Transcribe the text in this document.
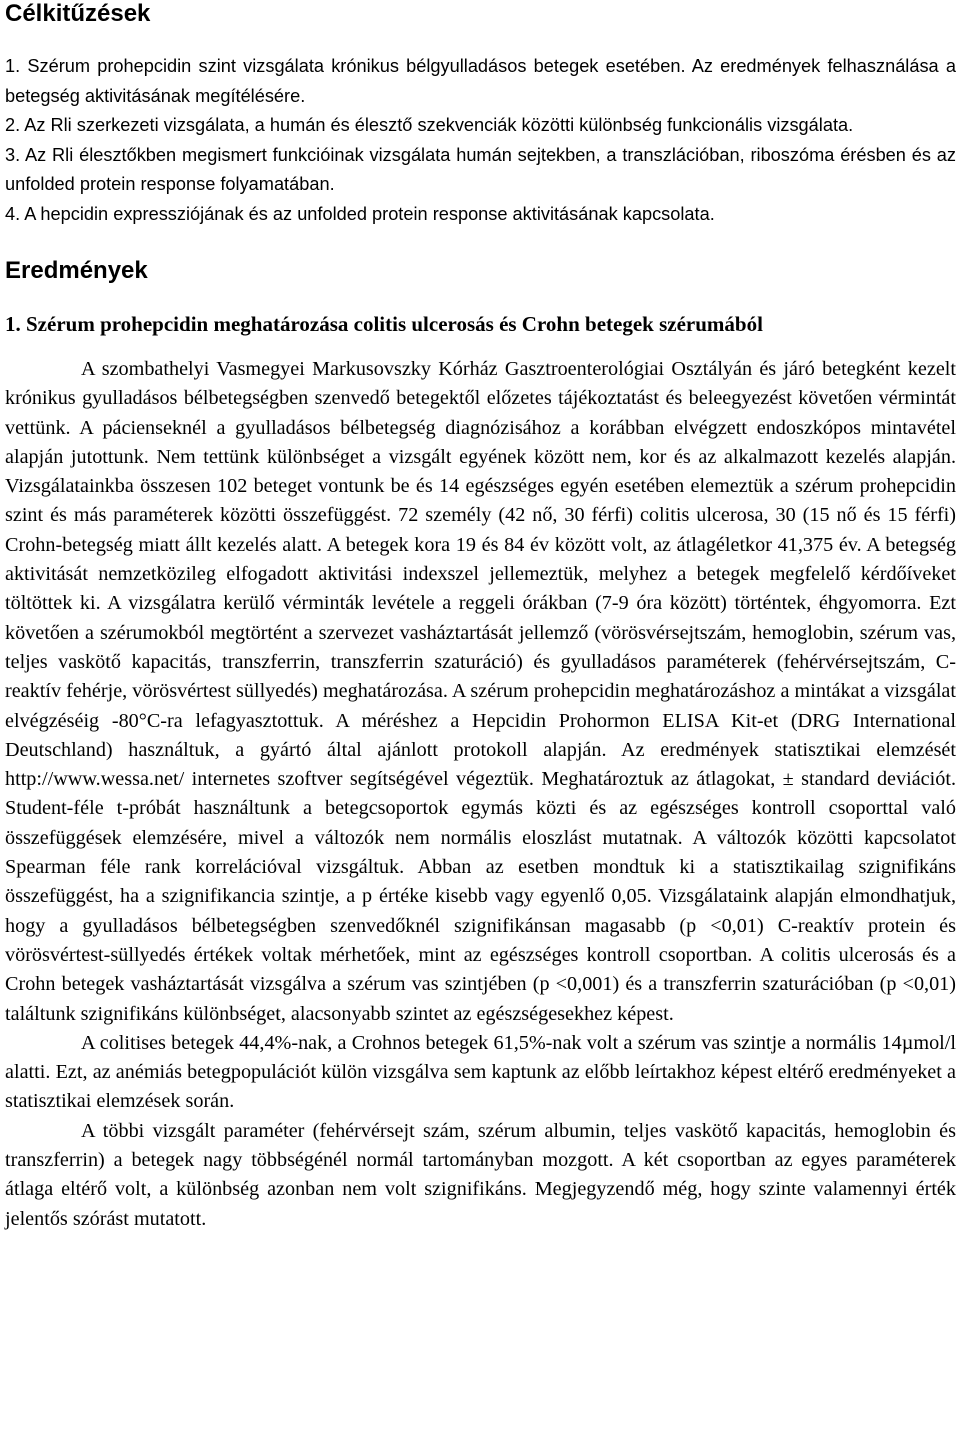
Célkitűzések
1. Szérum prohepcidin szint vizsgálata krónikus bélgyulladásos betegek esetében. Az eredmények felhasználása a betegség aktivitásának megítélésére.
2. Az Rli szerkezeti vizsgálata, a humán és élesztő szekvenciák közötti különbség funkcionális vizsgálata.
3. Az Rli élesztőkben megismert funkcióinak vizsgálata humán sejtekben, a transzlációban, riboszóma érésben és az unfolded protein response folyamatában.
4. A hepcidin expressziójának és az unfolded protein response aktivitásának kapcsolata.
Eredmények
1. Szérum prohepcidin meghatározása colitis ulcerosás és Crohn betegek szérumából

A szombathelyi Vasmegyei Markusovszky Kórház Gasztroenterológiai Osztályán és járó betegként kezelt krónikus gyulladásos bélbetegségben szenvedő betegektől előzetes tájékoztatást és beleegyezést követően vérmintát vettünk. A pácienseknél a gyulladásos bélbetegség diagnózisához a korábban elvégzett endoszkópos mintavétel alapján jutottunk. Nem tettünk különbséget a vizsgált egyének között nem, kor és az alkalmazott kezelés alapján. Vizsgálatainkba összesen 102 beteget vontunk be és 14 egészséges egyén esetében elemeztük a szérum prohepcidin szint és más paraméterek közötti összefüggést. 72 személy (42 nő, 30 férfi) colitis ulcerosa, 30 (15 nő és 15 férfi) Crohn-betegség miatt állt kezelés alatt. A betegek kora 19 és 84 év között volt, az átlagéletkor 41,375 év. A betegség aktivitását nemzetközileg elfogadott aktivitási indexszel jellemeztük, melyhez a betegek megfelelő kérdőíveket töltöttek ki. A vizsgálatra kerülő vérminták levétele a reggeli órákban (7-9 óra között) történtek, éhgyomorra. Ezt követően a szérumokból megtörtént a szervezet vasháztartását jellemző (vörösvérsejtszám, hemoglobin, szérum vas, teljes vaskötő kapacitás, transzferrin, transzferrin szaturáció) és gyulladásos paraméterek (fehérvérsejtszám, C-reaktív fehérje, vörösvértest süllyedés) meghatározása. A szérum prohepcidin meghatározáshoz a mintákat a vizsgálat elvégzéséig -80°C-ra lefagyasztottuk. A méréshez a Hepcidin Prohormon ELISA Kit-et (DRG International Deutschland) használtuk, a gyártó által ajánlott protokoll alapján. Az eredmények statisztikai elemzését http://www.wessa.net/ internetes szoftver segítségével végeztük. Meghatároztuk az átlagokat, ± standard deviációt. Student-féle t-próbát használtunk a betegcsoportok egymás közti és az egészséges kontroll csoporttal való összefüggések elemzésére, mivel a változók nem normális eloszlást mutatnak. A változók közötti kapcsolatot Spearman féle rank korrelációval vizsgáltuk. Abban az esetben mondtuk ki a statisztikailag szignifikáns összefüggést, ha a szignifikancia szintje, a p értéke kisebb vagy egyenlő 0,05. Vizsgálataink alapján elmondhatjuk, hogy a gyulladásos bélbetegségben szenvedőknél szignifikánsan magasabb (p <0,01) C-reaktív protein és vörösvértest-süllyedés értékek voltak mérhetőek, mint az egészséges kontroll csoportban. A colitis ulcerosás és a Crohn betegek vasháztartását vizsgálva a szérum vas szintjében (p <0,001) és a transzferrin szaturációban (p <0,01) találtunk szignifikáns különbséget, alacsonyabb szintet az egészségesekhez képest.

A colitises betegek 44,4%-nak, a Crohnos betegek 61,5%-nak volt a szérum vas szintje a normális 14µmol/l alatti. Ezt, az anémiás betegpopulációt külön vizsgálva sem kaptunk az előbb leírtakhoz képest eltérő eredményeket a statisztikai elemzések során.

A többi vizsgált paraméter (fehérvérsejt szám, szérum albumin, teljes vaskötő kapacitás, hemoglobin és transzferrin) a betegek nagy többségénél normál tartományban mozgott. A két csoportban az egyes paraméterek átlaga eltérő volt, a különbség azonban nem volt szignifikáns. Megjegyzendő még, hogy szinte valamennyi érték jelentős szórást mutatott.
